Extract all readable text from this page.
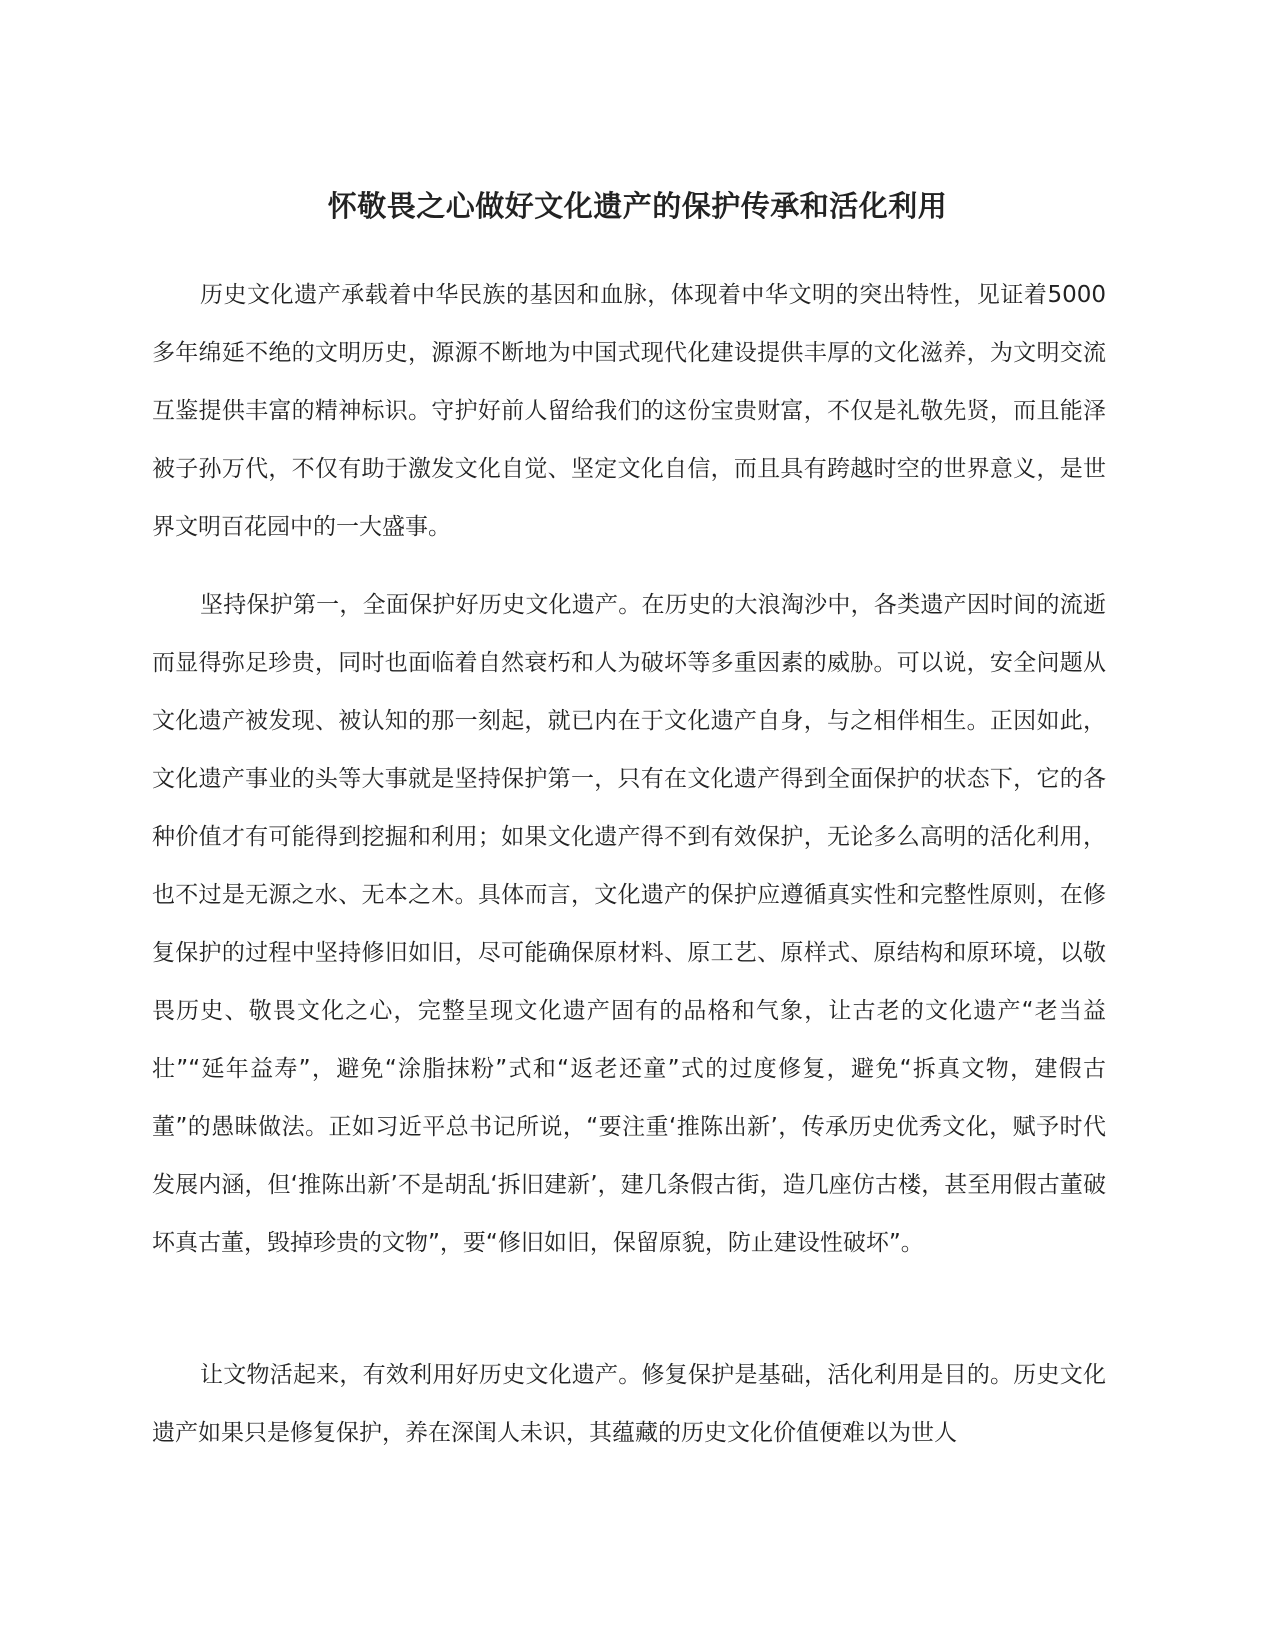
怀敬畏之心做好文化遗产的保护传承和活化利用

历史文化遗产承载着中华民族的基因和血脉，体现着中华文明的突出特性，见证着5000 多年绵延不绝的文明历史，源源不断地为中国式现代化建设提供丰厚的文化滋养，为文明交流互鉴提供丰富的精神标识。守护好前人留给我们的这份宝贵财富，不仅是礼敬先贤，而且能泽被子孙万代，不仅有助于激发文化自觉、坚定文化自信，而且具有跨越时空的世界意义，是世界文明百花园中的一大盛事。

坚持保护第一，全面保护好历史文化遗产。在历史的大浪淘沙中，各类遗产因时间的流逝而显得弥足珍贵，同时也面临着自然衰朽和人为破坏等多重因素的威胁。可以说，安全问题从文化遗产被发现、被认知的那一刻起，就已内在于文化遗产自身，与之相伴相生。正因如此，文化遗产事业的头等大事就是坚持保护第一，只有在文化遗产得到全面保护的状态下，它的各种价值才有可能得到挖掘和利用；如果文化遗产得不到有效保护，无论多么高明的活化利用，也不过是无源之水、无本之木。具体而言，文化遗产的保护应遵循真实性和完整性原则，在修复保护的过程中坚持修旧如旧，尽可能确保原材料、原工艺、原样式、原结构和原环境，以敬畏历史、敬畏文化之心，完整呈现文化遗产固有的品格和气象，让古老的文化遗产“老当益壮”“延年益寿”，避免“涂脂抹粉”式和“返老还童”式的过度修复，避免“拆真文物，建假古董”的愚昧做法。正如习近平总书记所说，“要注重‘推陈出新’，传承历史优秀文化，赋予时代发展内涵，但‘推陈出新’不是胡乱‘拆旧建新’，建几条假古街，造几座仿古楼，甚至用假古董破坏真古董，毁掉珍贵的文物”，要“修旧如旧，保留原貌，防止建设性破坏”。

让文物活起来，有效利用好历史文化遗产。修复保护是基础，活化利用是目的。历史文化遗产如果只是修复保护，养在深闺人未识，其蕴藏的历史文化价值便难以为世人
